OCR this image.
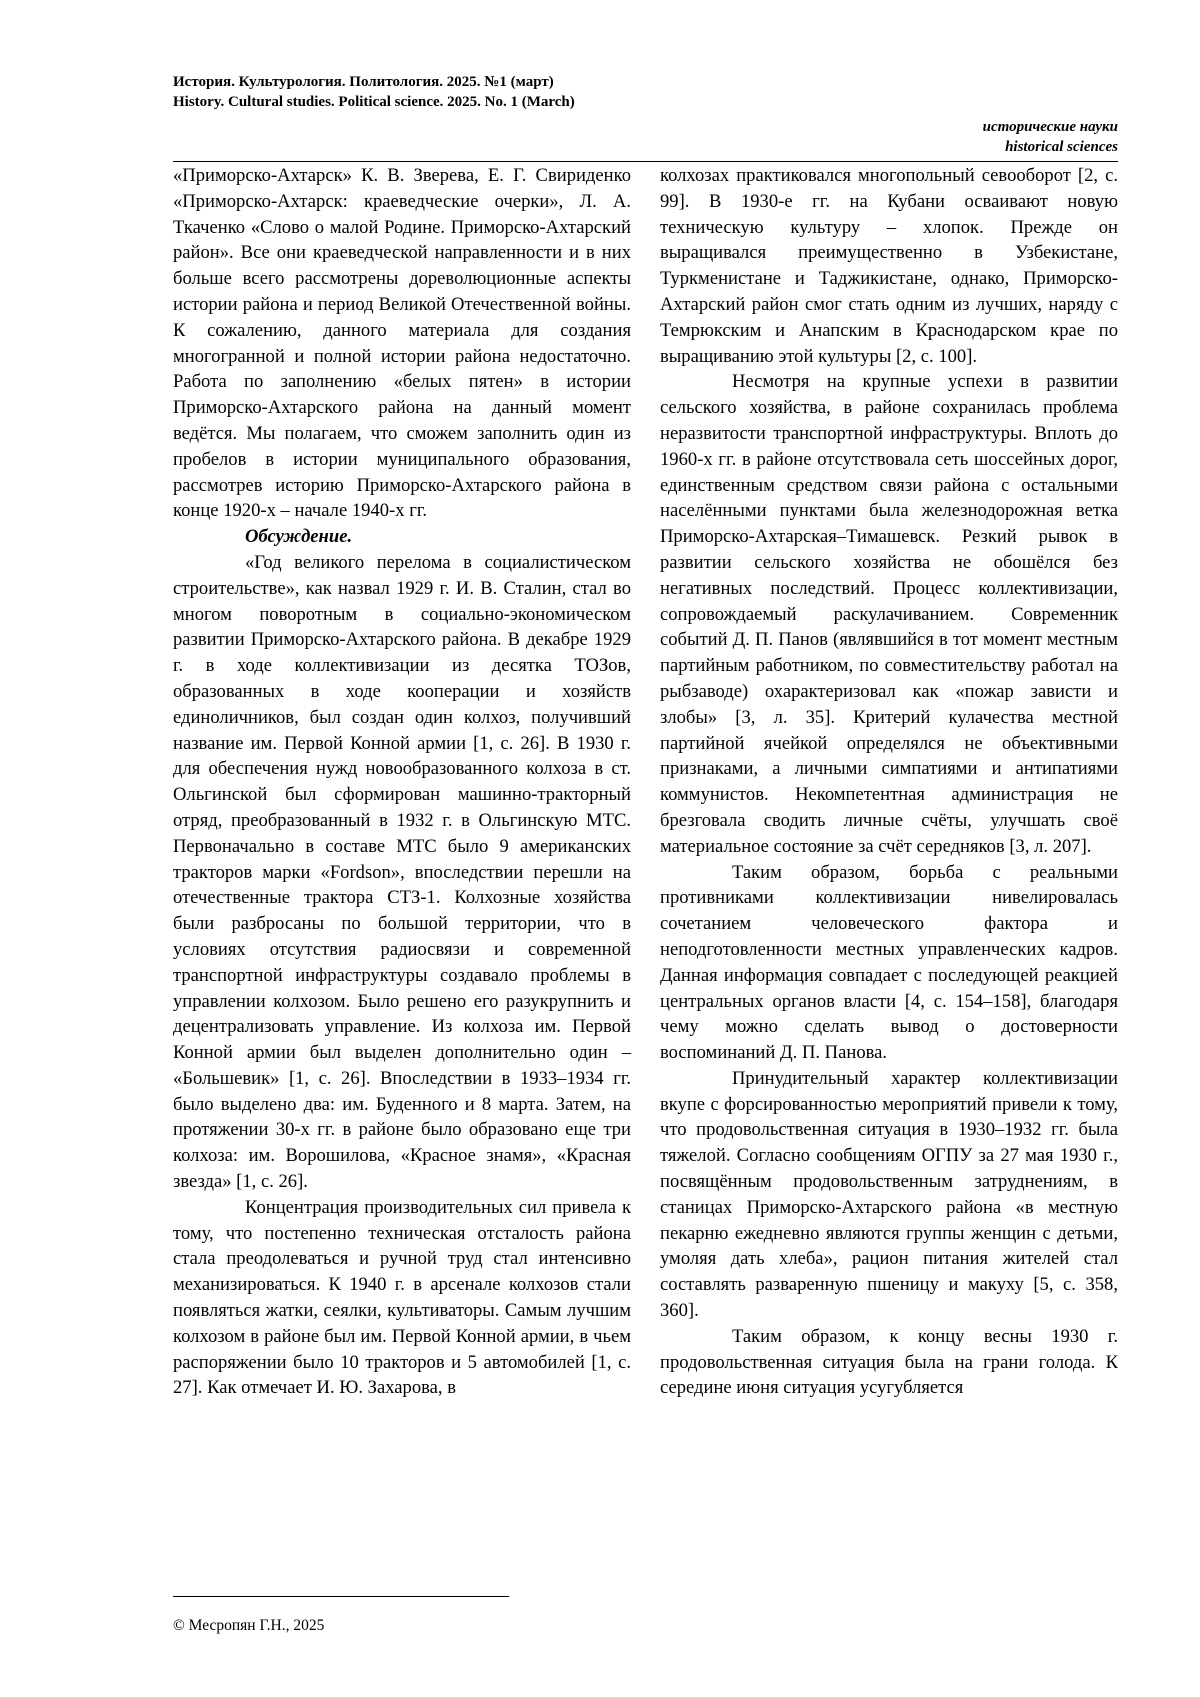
История. Культурология. Политология. 2025. №1 (март)
History. Cultural studies. Political science. 2025. No. 1 (March)
исторические науки
historical sciences

«Приморско-Ахтарск» К. В. Зверева, Е. Г. Свириденко «Приморско-Ахтарск: краеведческие очерки», Л. А. Ткаченко «Слово о малой Родине. Приморско-Ахтарский район». Все они краеведческой направленности и в них больше всего рассмотрены дореволюционные аспекты истории района и период Великой Отечественной войны. К сожалению, данного материала для создания многогранной и полной истории района недостаточно. Работа по заполнению «белых пятен» в истории Приморско-Ахтарского района на данный момент ведётся. Мы полагаем, что сможем заполнить один из пробелов в истории муниципального образования, рассмотрев историю Приморско-Ахтарского района в конце 1920-х – начале 1940-х гг.

Обсуждение.

«Год великого перелома в социалистическом строительстве», как назвал 1929 г. И. В. Сталин, стал во многом поворотным в социально-экономическом развитии Приморско-Ахтарского района. В декабре 1929 г. в ходе коллективизации из десятка ТОЗов, образованных в ходе кооперации и хозяйств единоличников, был создан один колхоз, получивший название им. Первой Конной армии [1, с. 26]. В 1930 г. для обеспечения нужд новообразованного колхоза в ст. Ольгинской был сформирован машинно-тракторный отряд, преобразованный в 1932 г. в Ольгинскую МТС. Первоначально в составе МТС было 9 американских тракторов марки «Fordson», впоследствии перешли на отечественные трактора СТЗ-1. Колхозные хозяйства были разбросаны по большой территории, что в условиях отсутствия радиосвязи и современной транспортной инфраструктуры создавало проблемы в управлении колхозом. Было решено его разукрупнить и децентрализовать управление. Из колхоза им. Первой Конной армии был выделен дополнительно один – «Большевик» [1, с. 26]. Впоследствии в 1933–1934 гг. было выделено два: им. Буденного и 8 марта. Затем, на протяжении 30-х гг. в районе было образовано еще три колхоза: им. Ворошилова, «Красное знамя», «Красная звезда» [1, с. 26].

Концентрация производительных сил привела к тому, что постепенно техническая отсталость района стала преодолеваться и ручной труд стал интенсивно механизироваться. К 1940 г. в арсенале колхозов стали появляться жатки, сеялки, культиваторы. Самым лучшим колхозом в районе был им. Первой Конной армии, в чьем распоряжении было 10 тракторов и 5 автомобилей [1, с. 27]. Как отмечает И. Ю. Захарова, в

колхозах практиковался многопольный севооборот [2, с. 99]. В 1930-е гг. на Кубани осваивают новую техническую культуру – хлопок. Прежде он выращивался преимущественно в Узбекистане, Туркменистане и Таджикистане, однако, Приморско-Ахтарский район смог стать одним из лучших, наряду с Темрюкским и Анапским в Краснодарском крае по выращиванию этой культуры [2, с. 100].

Несмотря на крупные успехи в развитии сельского хозяйства, в районе сохранилась проблема неразвитости транспортной инфраструктуры. Вплоть до 1960-х гг. в районе отсутствовала сеть шоссейных дорог, единственным средством связи района с остальными населёнными пунктами была железнодорожная ветка Приморско-Ахтарская–Тимашевск. Резкий рывок в развитии сельского хозяйства не обошёлся без негативных последствий. Процесс коллективизации, сопровождаемый раскулачиванием. Современник событий Д. П. Панов (являвшийся в тот момент местным партийным работником, по совместительству работал на рыбзаводе) охарактеризовал как «пожар зависти и злобы» [3, л. 35]. Критерий кулачества местной партийной ячейкой определялся не объективными признаками, а личными симпатиями и антипатиями коммунистов. Некомпетентная администрация не брезговала сводить личные счёты, улучшать своё материальное состояние за счёт середняков [3, л. 207].

Таким образом, борьба с реальными противниками коллективизации нивелировалась сочетанием человеческого фактора и неподготовленности местных управленческих кадров. Данная информация совпадает с последующей реакцией центральных органов власти [4, с. 154–158], благодаря чему можно сделать вывод о достоверности воспоминаний Д. П. Панова.

Принудительный характер коллективизации вкупе с форсированностью мероприятий привели к тому, что продовольственная ситуация в 1930–1932 гг. была тяжелой. Согласно сообщениям ОГПУ за 27 мая 1930 г., посвящённым продовольственным затруднениям, в станицах Приморско-Ахтарского района «в местную пекарню ежедневно являются группы женщин с детьми, умоляя дать хлеба», рацион питания жителей стал составлять разваренную пшеницу и макуху [5, с. 358, 360].

Таким образом, к концу весны 1930 г. продовольственная ситуация была на грани голода. К середине июня ситуация усугубляется

© Месропян Г.Н., 2025
